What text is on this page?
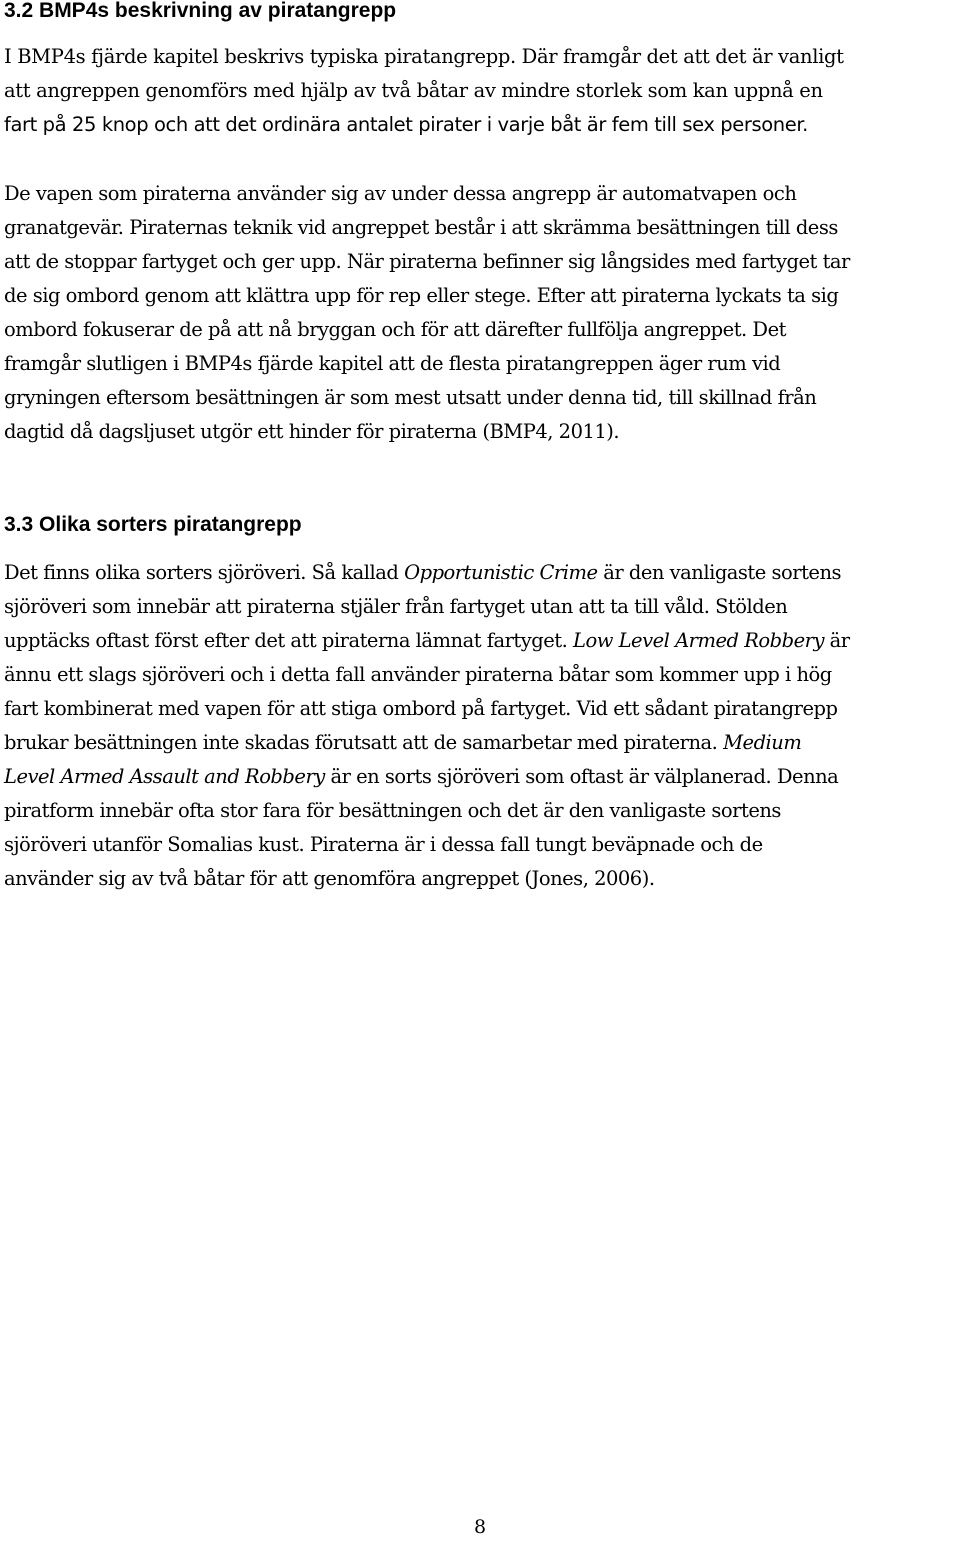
3.2 BMP4s beskrivning av piratangrepp
I BMP4s fjärde kapitel beskrivs typiska piratangrepp. Där framgår det att det är vanligt
att angreppen genomförs med hjälp av två båtar av mindre storlek som kan uppnå en
fart på 25 knop och att det ordinära antalet pirater i varje båt är fem till sex personer.
De vapen som piraterna använder sig av under dessa angrepp är automatvapen och
granatgevär. Piraternas teknik vid angreppet består i att skrämma besättningen till dess
att de stoppar fartyget och ger upp. När piraterna befinner sig långsides med fartyget tar
de sig ombord genom att klättra upp för rep eller stege. Efter att piraterna lyckats ta sig
ombord fokuserar de på att nå bryggan och för att därefter fullfölja angreppet. Det
framgår slutligen i BMP4s fjärde kapitel att de flesta piratangreppen äger rum vid
gryningen eftersom besättningen är som mest utsatt under denna tid, till skillnad från
dagtid då dagsljuset utgör ett hinder för piraterna (BMP4, 2011).
3.3 Olika sorters piratangrepp
Det finns olika sorters sjöröveri. Så kallad Opportunistic Crime är den vanligaste sortens
sjöröveri som innebär att piraterna stjäler från fartyget utan att ta till våld. Stölden
upptäcks oftast först efter det att piraterna lämnat fartyget. Low Level Armed Robbery är
ännu ett slags sjöröveri och i detta fall använder piraterna båtar som kommer upp i hög
fart kombinerat med vapen för att stiga ombord på fartyget. Vid ett sådant piratangrepp
brukar besättningen inte skadas förutsatt att de samarbetar med piraterna. Medium
Level Armed Assault and Robbery är en sorts sjöröveri som oftast är välplanerad. Denna
piratform innebär ofta stor fara för besättningen och det är den vanligaste sortens
sjöröveri utanför Somalias kust. Piraterna är i dessa fall tungt beväpnade och de
använder sig av två båtar för att genomföra angreppet (Jones, 2006).

8
